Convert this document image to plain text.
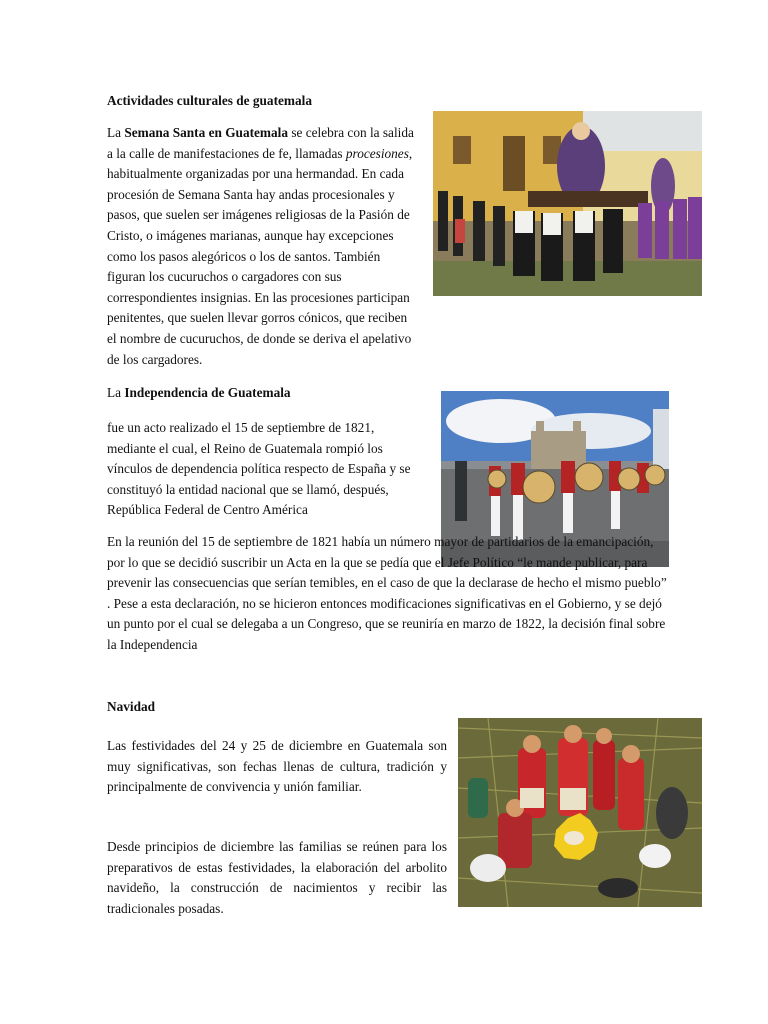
Actividades culturales de guatemala

La Semana Santa en Guatemala se celebra con la salida a la calle de manifestaciones de fe, llamadas procesiones, habitualmente organizadas por una hermandad. En cada procesión de Semana Santa hay andas procesionales y pasos, que suelen ser imágenes religiosas de la Pasión de Cristo, o imágenes marianas, aunque hay excepciones como los pasos alegóricos o los de santos. También figuran los cucuruchos o cargadores con sus correspondientes insignias. En las procesiones participan penitentes, que suelen llevar gorros cónicos, que reciben el nombre de cucuruchos, de donde se deriva el apelativo de los cargadores.

La Independencia de Guatemala

fue un acto realizado el 15 de septiembre de 1821, mediante el cual, el Reino de Guatemala rompió los vínculos de dependencia política respecto de España y se constituyó la entidad nacional que se llamó, después, República Federal de Centro América

En la reunión del 15 de septiembre de 1821 había un número mayor de partidarios de la emancipación, por lo que se decidió suscribir un Acta en la que se pedía que el Jefe Político “le mande publicar, para prevenir las consecuencias que serían temibles, en el caso de que la declarase de hecho el mismo pueblo” . Pese a esta declaración, no se hicieron entonces modificaciones significativas en el Gobierno, y se dejó un punto por el cual se delegaba a un Congreso, que se reuniría en marzo de 1822, la decisión final sobre la Independencia

Navidad

Las festividades del 24 y 25 de diciembre en Guatemala son muy significativas, son fechas llenas de cultura, tradición y principalmente de convivencia y unión familiar.

Desde principios de diciembre las familias se reúnen para los preparativos de estas festividades, la elaboración del arbolito navideño, la construcción de nacimientos y recibir las tradicionales posadas.
